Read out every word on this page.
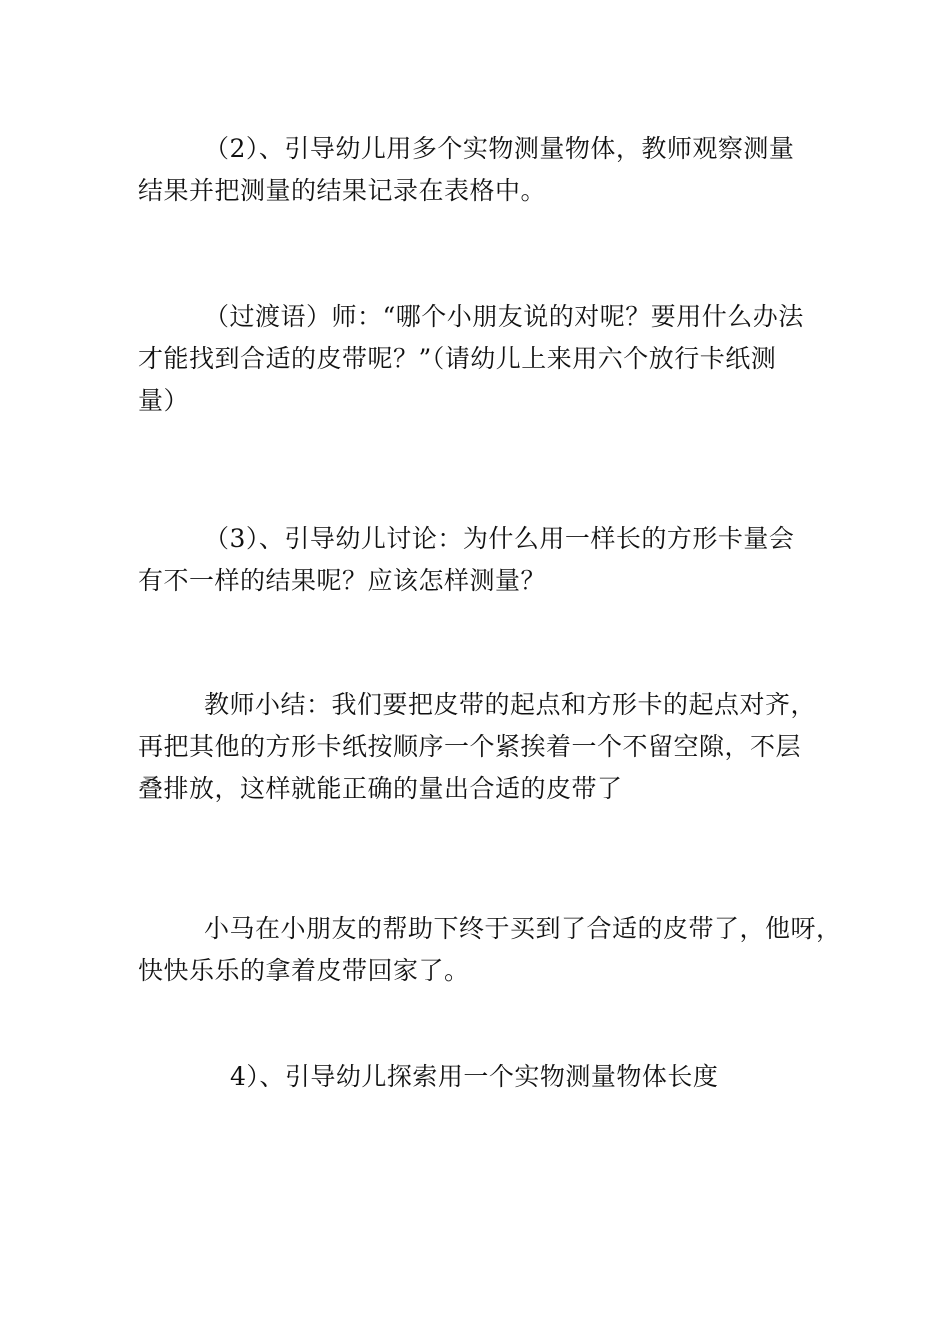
（2）、引导幼儿用多个实物测量物体，教师观察测量
结果并把测量的结果记录在表格中。
（过渡语）师：“哪个小朋友说的对呢？要用什么办法
才能找到合适的皮带呢？”（请幼儿上来用六个放行卡纸测
量）
（3）、引导幼儿讨论：为什么用一样长的方形卡量会
有不一样的结果呢？应该怎样测量？
教师小结：我们要把皮带的起点和方形卡的起点对齐，
再把其他的方形卡纸按顺序一个紧挨着一个不留空隙，不层
叠排放，这样就能正确的量出合适的皮带了
小马在小朋友的帮助下终于买到了合适的皮带了，他呀，
快快乐乐的拿着皮带回家了。
4）、引导幼儿探索用一个实物测量物体长度
